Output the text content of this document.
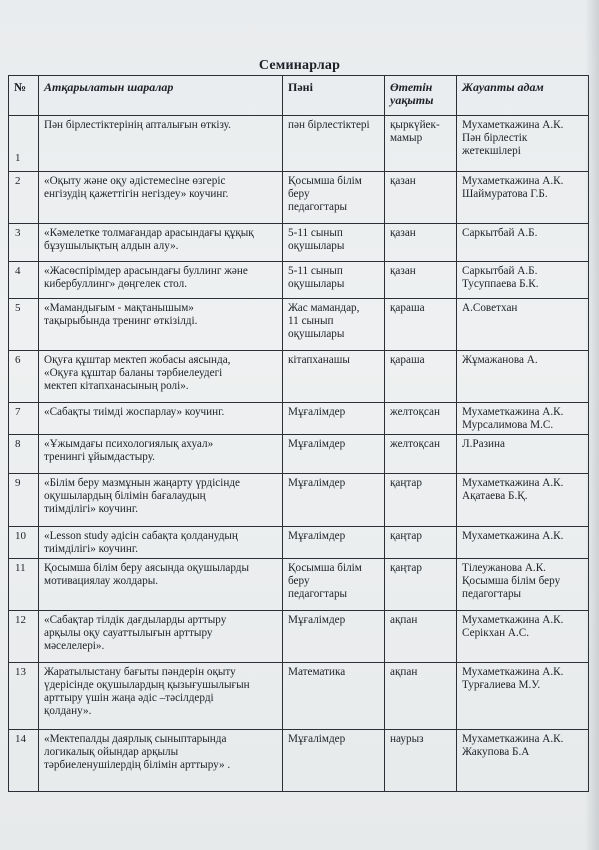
Семинарлар
№	Атқарылатын шаралар	Пәні	Өтетін
уақыты	Жауапты адам
1	Пән бірлестіктерінің апталығын өткізу.	пән бірлестіктері	қыркүйек-
мамыр	Мухаметкажина А.К.
Пән бірлестік
жетекшілері
2	«Оқыту және оқу әдістемесіне өзгеріс
енгізудің қажеттігін негіздеу» коучинг.	Қосымша білім
беру
педагогтары	қазан	Мухаметкажина А.К.
Шаймуратова Г.Б.
3	«Кәмелетке толмағандар арасындағы құқық
бұзушылықтың алдын алу».	5-11 сынып
оқушылары	қазан	Саркытбай А.Б.
4	«Жасөспірімдер арасындағы буллинг және
кибербуллинг» дөңгелек стол.	5-11 сынып
оқушылары	қазан	Саркытбай А.Б.
Тусуппаева Б.К.
5	«Мамандығым - мақтанышым»
тақырыбында тренинг өткізілді.	Жас мамандар,
11 сынып
оқушылары	қараша	А.Советхан
6	Оқуға құштар мектеп жобасы аясында,
«Оқуға құштар баланы тәрбиелеудегі
мектеп кітапханасының ролі».	кітапханашы	қараша	Жұмажанова А.
7	«Сабақты тиімді жоспарлау» коучинг.	Мұғалімдер	желтоқсан	Мухаметкажина А.К.
Мурсалимова М.С.
8	«Ұжымдағы психологиялық ахуал»
тренингі ұйымдастыру.	Мұғалімдер	желтоқсан	Л.Разина
9	«Білім беру мазмұнын жаңарту үрдісінде
оқушылардың білімін бағалаудың
тиімділігі» коучинг.	Мұғалімдер	қаңтар	Мухаметкажина А.К.
Ақатаева Б.Қ.
10	«Lesson study әдісін сабақта қолданудың
тиімділігі» коучинг.	Мұғалімдер	қаңтар	Мухаметкажина А.К.
11	Қосымша білім беру аясында оқушыларды
мотивациялау жолдары.	Қосымша білім
беру
педагогтары	қаңтар	Тілеужанова А.К.
Қосымша білім беру
педагогтары
12	«Сабақтар тілдік дағдыларды арттыру
арқылы оқу сауаттылығын арттыру
мәселелері».	Мұғалімдер	ақпан	Мухаметкажина А.К.
Серікхан А.С.
13	Жаратылыстану бағыты пәндерін оқыту
үдерісінде оқушылардың қызығушылығын
арттыру үшін жаңа әдіс –тәсілдерді
қолдану».	Математика	ақпан	Мухаметкажина А.К.
Турғалиева М.У.
14	«Мектепалды даярлық сыныптарында
логикалық ойындар арқылы
тәрбиеленушілердің білімін арттыру» .	Мұғалімдер	наурыз	Мухаметкажина А.К.
Жакупова Б.А
